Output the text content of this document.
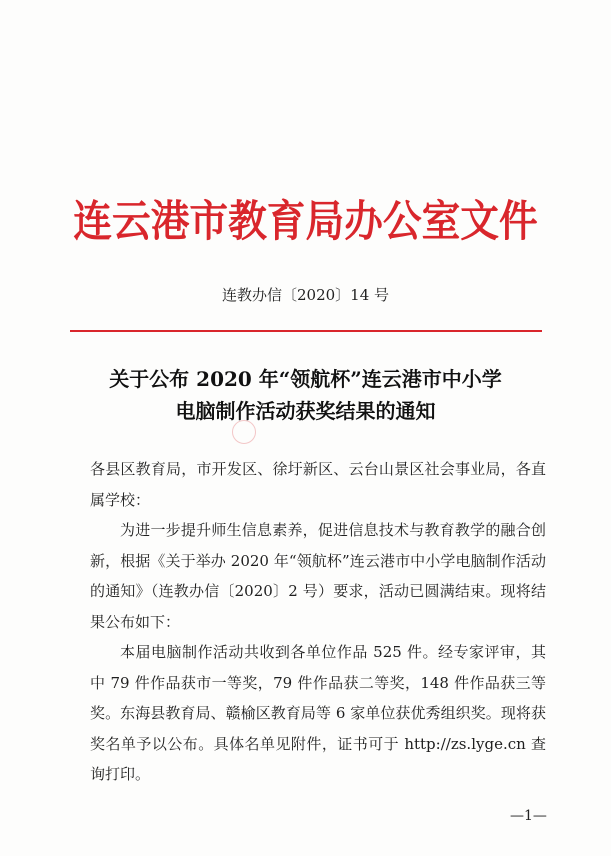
连云港市教育局办公室文件
连教办信〔2020〕14 号
关于公布 2020 年“领航杯”连云港市中小学
电脑制作活动获奖结果的通知

各县区教育局，市开发区、徐圩新区、云台山景区社会事业局，各直属学校：

为进一步提升师生信息素养，促进信息技术与教育教学的融合创新，根据《关于举办 2020 年“领航杯”连云港市中小学电脑制作活动的通知》（连教办信〔2020〕2 号）要求，活动已圆满结束。现将结果公布如下：

本届电脑制作活动共收到各单位作品 525 件。经专家评审，其中 79 件作品获市一等奖，79 件作品获二等奖，148 件作品获三等奖。东海县教育局、赣榆区教育局等 6 家单位获优秀组织奖。现将获奖名单予以公布。具体名单见附件，证书可于 http://zs.lyge.cn 查询打印。

—1—
